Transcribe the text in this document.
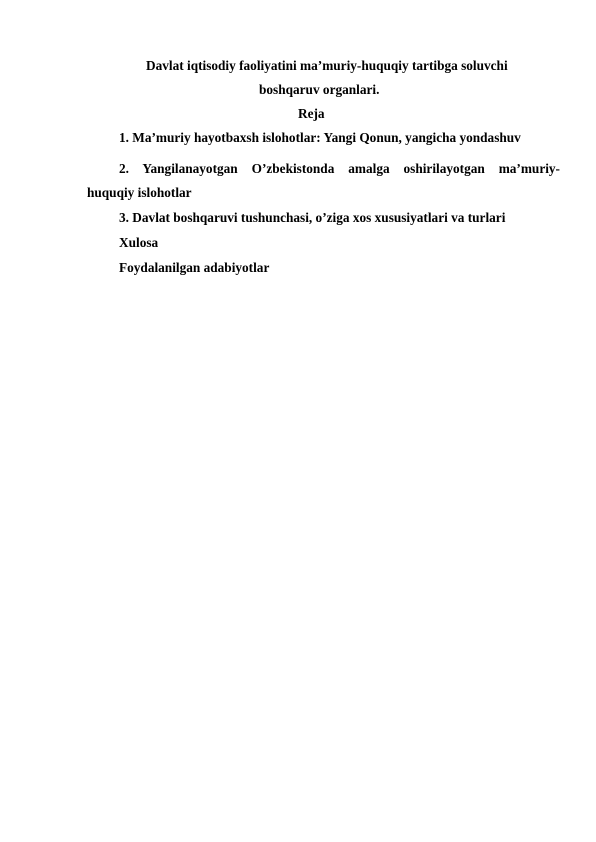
Davlat iqtisodiy faoliyatini ma’muriy-huquqiy tartibga soluvchi
boshqaruv organlari.
Reja
1. Ma’muriy hayotbaxsh islohotlar: Yangi Qonun, yangicha yondashuv
2. Yangilanayotgan O’zbekistonda amalga oshirilayotgan ma’muriy-
huquqiy islohotlar
3. Davlat boshqaruvi tushunchasi, o’ziga xos xususiyatlari va turlari
Xulosa
Foydalanilgan adabiyotlar
